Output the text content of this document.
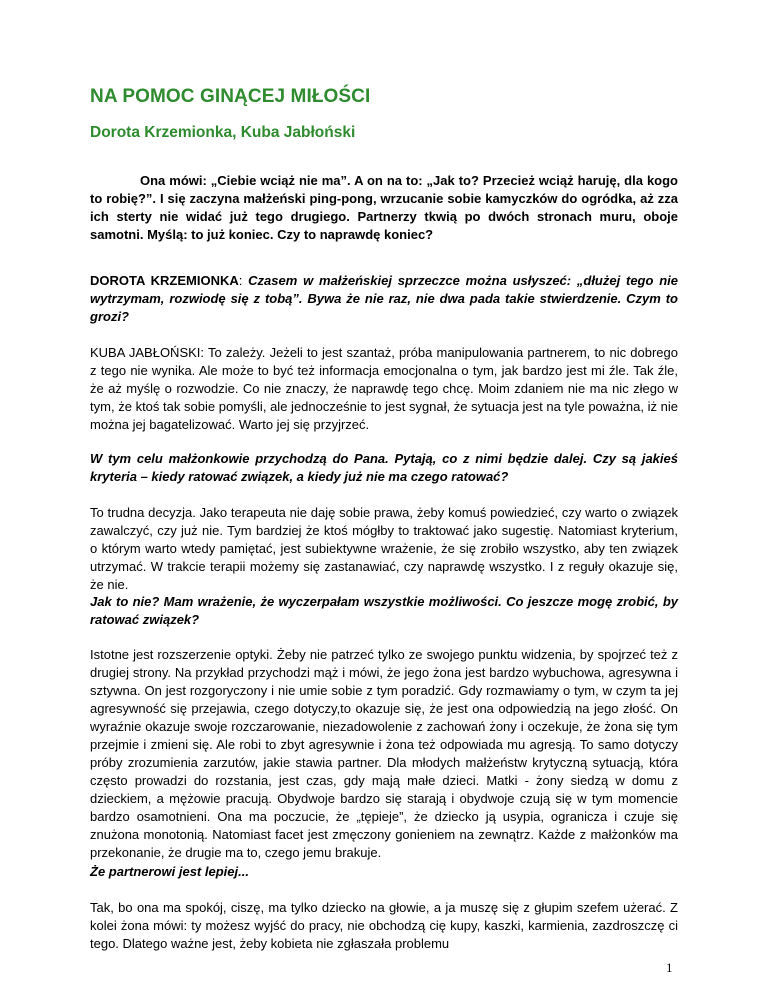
NA POMOC GINĄCEJ MIŁOŚCI
Dorota Krzemionka, Kuba Jabłoński

Ona mówi: „Ciebie wciąż nie ma”. A on na to: „Jak to? Przecież wciąż haruję, dla kogo to robię?”. I się zaczyna małżeński ping-pong, wrzucanie sobie kamyczków do ogródka, aż zza ich sterty nie widać już tego drugiego. Partnerzy tkwią po dwóch stronach muru, oboje samotni. Myślą: to już koniec. Czy to naprawdę koniec?

DOROTA KRZEMIONKA: Czasem w małżeńskiej sprzeczce można usłyszeć: „dłużej tego nie wytrzymam, rozwiodę się z tobą”. Bywa że nie raz, nie dwa pada takie stwierdzenie. Czym to grozi?

KUBA JABŁOŃSKI: To zależy. Jeżeli to jest szantaż, próba manipulowania partnerem, to nic dobrego z tego nie wynika. Ale może to być też informacja emocjonalna o tym, jak bardzo jest mi źle. Tak źle, że aż myślę o rozwodzie. Co nie znaczy, że naprawdę tego chcę. Moim zdaniem nie ma nic złego w tym, że ktoś tak sobie pomyśli, ale jednocześnie to jest sygnał, że sytuacja jest na tyle poważna, iż nie można jej bagatelizować. Warto jej się przyjrzeć.

W tym celu małżonkowie przychodzą do Pana. Pytają, co z nimi będzie dalej. Czy są jakieś kryteria – kiedy ratować związek, a kiedy już nie ma czego ratować?

To trudna decyzja. Jako terapeuta nie daję sobie prawa, żeby komuś powiedzieć, czy warto o związek zawalczyć, czy już nie. Tym bardziej że ktoś mógłby to traktować jako sugestię. Natomiast kryterium, o którym warto wtedy pamiętać, jest subiektywne wrażenie, że się zrobiło wszystko, aby ten związek utrzymać. W trakcie terapii możemy się zastanawiać, czy naprawdę wszystko. I z reguły okazuje się, że nie.

Jak to nie? Mam wrażenie, że wyczerpałam wszystkie możliwości. Co jeszcze mogę zrobić, by ratować związek?

Istotne jest rozszerzenie optyki. Żeby nie patrzeć tylko ze swojego punktu widzenia, by spojrzeć też z drugiej strony. Na przykład przychodzi mąż i mówi, że jego żona jest bardzo wybuchowa, agresywna i sztywna. On jest rozgoryczony i nie umie sobie z tym poradzić. Gdy rozmawiamy o tym, w czym ta jej agresywność się przejawia, czego dotyczy,to okazuje się, że jest ona odpowiedzią na jego złość. On wyraźnie okazuje swoje rozczarowanie, niezadowolenie z zachowań żony i oczekuje, że żona się tym przejmie i zmieni się. Ale robi to zbyt agresywnie i żona też odpowiada mu agresją. To samo dotyczy próby zrozumienia zarzutów, jakie stawia partner. Dla młodych małżeństw krytyczną sytuacją, która często prowadzi do rozstania, jest czas, gdy mają małe dzieci. Matki - żony siedzą w domu z dzieckiem, a mężowie pracują. Obydwoje bardzo się starają i obydwoje czują się w tym momencie bardzo osamotnieni. Ona ma poczucie, że „tępieje”, że dziecko ją usypia, ogranicza i czuje się znużona monotonią. Natomiast facet jest zmęczony gonieniem na zewnątrz. Każde z małżonków ma przekonanie, że drugie ma to, czego jemu brakuje.

Że partnerowi jest lepiej...

Tak, bo ona ma spokój, ciszę, ma tylko dziecko na głowie, a ja muszę się z głupim szefem użerać. Z kolei żona mówi: ty możesz wyjść do pracy, nie obchodzą cię kupy, kaszki, karmienia, zazdroszczę ci tego. Dlatego ważne jest, żeby kobieta nie zgłaszała problemu

1
